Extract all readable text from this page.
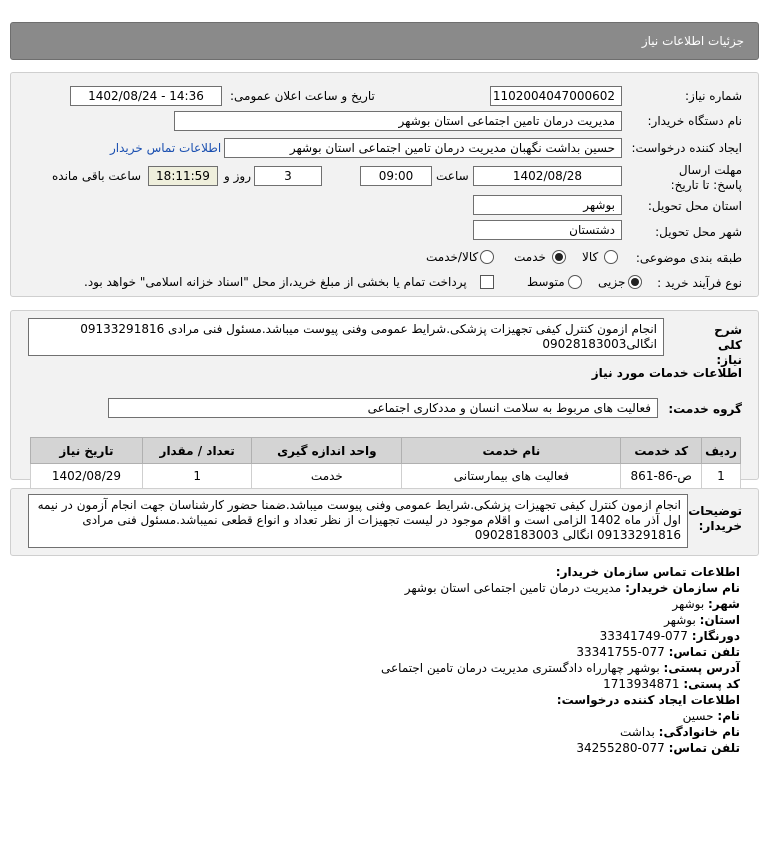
جزئیات اطلاعات نیاز
شماره نیاز:
1102004047000602
تاریخ و ساعت اعلان عمومی:
1402/08/24 - 14:36
نام دستگاه خریدار:
مدیریت درمان تامین اجتماعی استان بوشهر
ایجاد کننده درخواست:
حسین بداشت نگهبان مدیریت درمان تامین اجتماعی استان بوشهر
اطلاعات تماس خریدار
مهلت ارسال پاسخ: تا تاریخ:
1402/08/28
ساعت
09:00
3
روز و
18:11:59
ساعت باقی مانده
استان محل تحویل:
بوشهر
شهر محل تحویل:
دشتستان
طبقه بندی موضوعی:
کالا
خدمت
کالا/خدمت
نوع فرآیند خرید :
جزیی
متوسط
پرداخت تمام یا بخشی از مبلغ خرید،از محل "اسناد خزانه اسلامی" خواهد بود.
شرح کلی نیاز:
انجام ازمون کنترل کیفی تجهیزات پزشکی.شرایط عمومی وفنی پیوست میباشد.مسئول فنی مرادی 09133291816
انگالی09028183003
اطلاعات خدمات مورد نیاز
گروه خدمت:
فعالیت های مربوط به سلامت انسان و مددکاری اجتماعی
ردیف	کد خدمت	نام خدمت	واحد اندازه گیری	تعداد / مقدار	تاریخ نیاز
1	ص-86-861	فعالیت های بیمارستانی	خدمت	1	1402/08/29
توضیحات خریدار:
انجام ازمون کنترل کیفی تجهیزات پزشکی.شرایط عمومی وفنی پیوست میباشد.ضمنا حضور کارشناسان جهت انجام آزمون در نیمه
اول آذر ماه 1402 الزامی است و اقلام موجود در لیست تجهیزات از نظر تعداد و انواع قطعی نمیباشد.مسئول فنی مرادی
09133291816 انگالی 09028183003
اطلاعات تماس سازمان خریدار:
نام سازمان خریدار: مدیریت درمان تامین اجتماعی استان بوشهر
شهر: بوشهر
استان: بوشهر
دورنگار: 077-33341749
تلفن تماس: 077-33341755
آدرس پستی: بوشهر چهارراه دادگستری مدیریت درمان تامین اجتماعی
کد پستی: 1713934871
اطلاعات ایجاد کننده درخواست:
نام: حسین
نام خانوادگی: بداشت
تلفن تماس: 077-34255280
